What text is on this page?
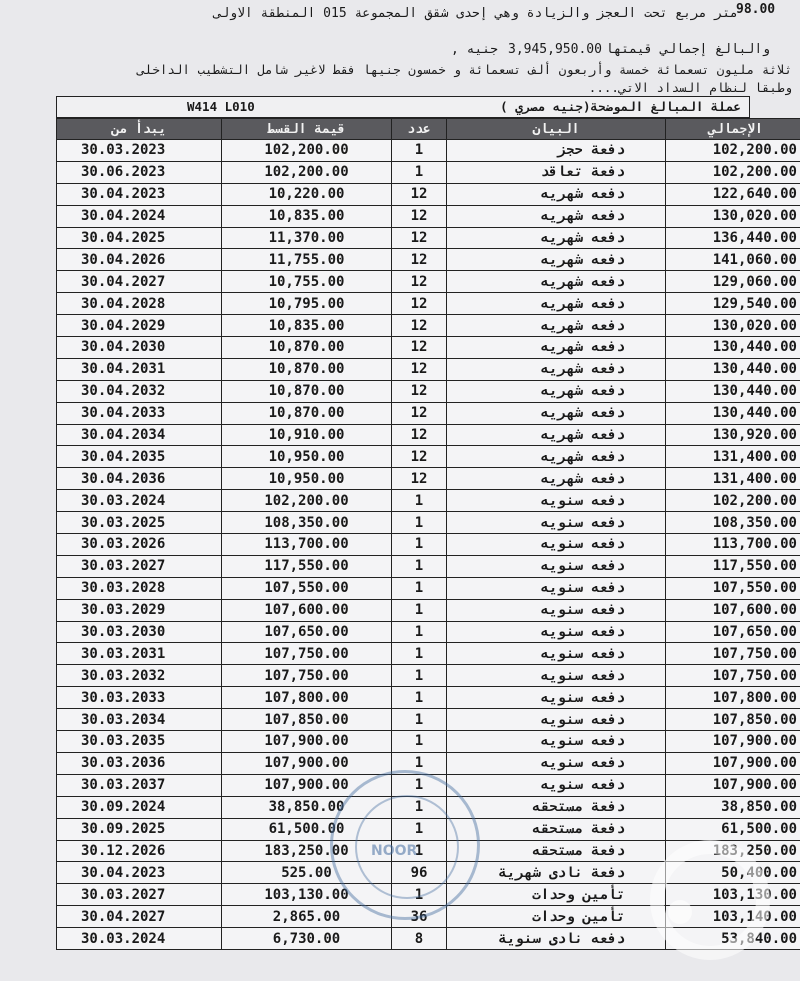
98.00
متر مربع تحت العجز والزيادة وهي إحدى شقق المجموعة 015 المنطقة الاولى
3,945,950.00
جنيه ,	والبالغ إجمالي قيمتها
ثلاثة مليون تسعمائة خمسة وأربعون ألف تسعمائة و خمسون جنيها فقط لاغير شامل التشطيب الداخلى
وطبقا لنظام السداد الاتي....
W414 L010	عملة المبالغ الموضحة(جنيه مصري )
يبدأ من	قيمة القسط	عدد	البيان	الإجمالي
30.03.2023	102,200.00	1	دفعة حجز	102,200.00
30.06.2023	102,200.00	1	دفعة تعاقد	102,200.00
30.04.2023	10,220.00	12	دفعه شهريه	122,640.00
30.04.2024	10,835.00	12	دفعه شهريه	130,020.00
30.04.2025	11,370.00	12	دفعه شهريه	136,440.00
30.04.2026	11,755.00	12	دفعه شهريه	141,060.00
30.04.2027	10,755.00	12	دفعه شهريه	129,060.00
30.04.2028	10,795.00	12	دفعه شهريه	129,540.00
30.04.2029	10,835.00	12	دفعه شهريه	130,020.00
30.04.2030	10,870.00	12	دفعه شهريه	130,440.00
30.04.2031	10,870.00	12	دفعه شهريه	130,440.00
30.04.2032	10,870.00	12	دفعه شهريه	130,440.00
30.04.2033	10,870.00	12	دفعه شهريه	130,440.00
30.04.2034	10,910.00	12	دفعه شهريه	130,920.00
30.04.2035	10,950.00	12	دفعه شهريه	131,400.00
30.04.2036	10,950.00	12	دفعه شهريه	131,400.00
30.03.2024	102,200.00	1	دفعه سنويه	102,200.00
30.03.2025	108,350.00	1	دفعه سنويه	108,350.00
30.03.2026	113,700.00	1	دفعه سنويه	113,700.00
30.03.2027	117,550.00	1	دفعه سنويه	117,550.00
30.03.2028	107,550.00	1	دفعه سنويه	107,550.00
30.03.2029	107,600.00	1	دفعه سنويه	107,600.00
30.03.2030	107,650.00	1	دفعه سنويه	107,650.00
30.03.2031	107,750.00	1	دفعه سنويه	107,750.00
30.03.2032	107,750.00	1	دفعه سنويه	107,750.00
30.03.2033	107,800.00	1	دفعه سنويه	107,800.00
30.03.2034	107,850.00	1	دفعه سنويه	107,850.00
30.03.2035	107,900.00	1	دفعه سنويه	107,900.00
30.03.2036	107,900.00	1	دفعه سنويه	107,900.00
30.03.2037	107,900.00	1	دفعه سنويه	107,900.00
30.09.2024	38,850.00	1	دفعة مستحقه	38,850.00
30.09.2025	61,500.00	1	دفعة مستحقه	61,500.00
30.12.2026	183,250.00	1	دفعة مستحقه	183,250.00
30.04.2023	525.00	96	دفعة نادى شهرية	50,400.00
30.03.2027	103,130.00	1	تأمين وحدات	103,130.00
30.04.2027	2,865.00	36	تأمين وحدات	103,140.00
30.03.2024	6,730.00	8	دفعه نادى سنوية	53,840.00
NOOR
